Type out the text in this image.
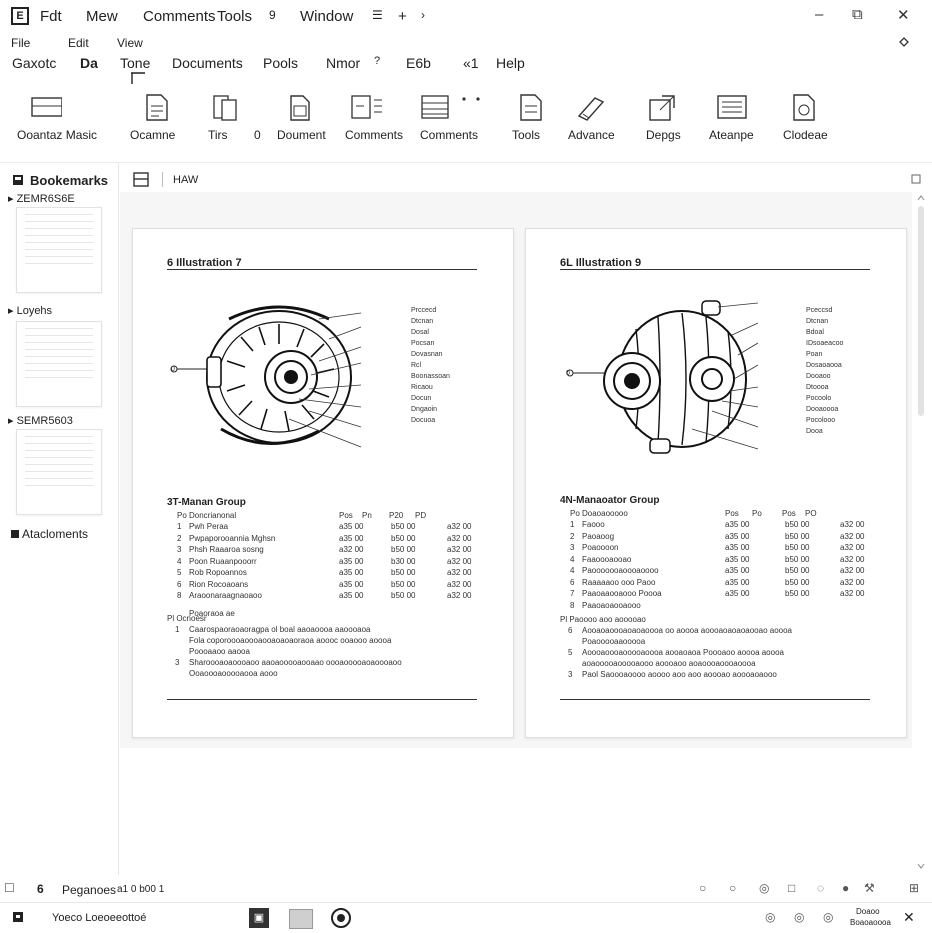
E	Fdt Mew Comments Tools 9 Window ☰ + ›	– ⧉ ✕
File	Edit View
Gaxotc Da Tone Documents Pools Nmor ? E6b «1 Help
Ooantaz Masic	Ocamne	Tirs 0 Doument Comments Comments	Tools Advance	Depgs Ateanpe Clodeae
Bookemarks
▸ ZEMR6S6E
▸ Loyehs
▸ SEMR5603
Atacloments
HAW
6 Illustration 7
0
Prccecd
Dtcnan
Dosal
Pocsan
Dovasnan
Rcl
Boonassoan
Ricaou
Docun
Dngaoin
Docuoa
3T-Manan Group
Po Doncrianonal	Pos Pn P20 PD
1 Pwh Peraa	a35 00	b50 00	a32 00
2 Pwpaporooannia Mghsn	a35 00	b50 00	a32 00
3 Phsh Raaaroa sosng	a32 00	b50 00	a32 00
4 Poon Ruaanpooorr	a35 00	b30 00	a32 00
5 Rob Ropoannos	a35 00	b50 00	a32 00
6 Rion Rocoaoans	a35 00	b50 00	a32 00
8 Araoonaraagnaoaoo	a35 00	b50 00	a32 00
Poaoraoa ae
Pl Ocnoesr
1 Caarospaoraoaoragpa ol boal aaoaoooa aaoooaoa
Fola coporoooaoooaooaoaoaoraoa aoooc ooaooo aoooa
Poooaaoo aaooa
3 Sharoooaoaoooaoo aaoaooooaooaao oooaooooaoaoooaoo
Ooaoooaooooaooa aooo
6L Illustration 9
0
Pceccsd
Dtcnan
Bdoal
IDsoaeacoo
Poan
Dosaoaooa
Dooaoo
Dtoooa
Pocoolo
Dooaoooa
Pocolooo
Dooa
4N-Manaoator Group
Po Doaoaooooo	Pos Po	Pos PO
1 Faooo	a35 00	b50 00	a32 00
2 Paoaoog	a35 00	b50 00	a32 00
3 Poaoooon	a35 00	b50 00	a32 00
4 Faaoooaooao	a35 00	b50 00	a32 00
4 Paooooooaoooaoooo	a35 00	b50 00	a32 00
6 Raaaaaoo ooo Paoo	a35 00	b50 00	a32 00
7 Paaoaaooaooo Poooa	a35 00	b50 00	a32 00
8 Paaoaoaooaooo
Pl Paoooo aoo aooooao
6 Aooaoaoooaoaoaoooa oo aoooa aoooaoaoaoaooao aoooa
Poaooooaaooooa
5 Aoooaoooaooooaoooa aooaoaoa Poooaoo aoooa aoooa
aoaooooaooooaooo aoooaoo aoaoooaoooaoooa
3 Paol Saoooaoooo aoooo aoo aoo aoooao aoooaoaooo
☐ 6 Peganoes a1 0 b00 1	○ ○ ◎ □ ◌ ● ⚒	⊞
Yoeco Loeoeeottoé	▣	◎ ◎ ◎	Doaoo
Boaoaoooa ✕
